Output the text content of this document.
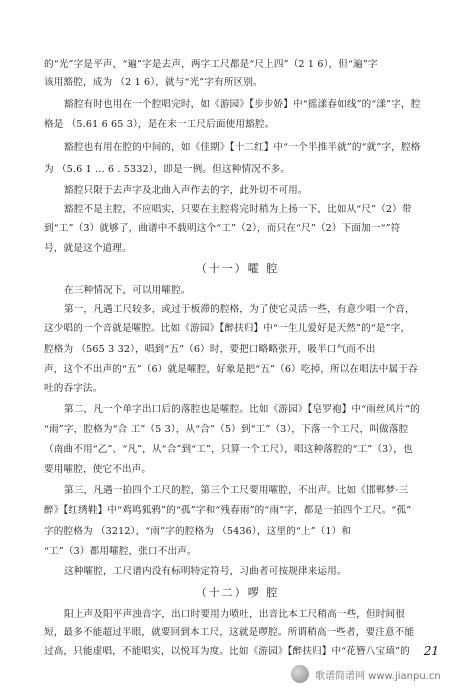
的“光”字是平声，“遍”字是去声，两字工尺都是“尺上四”（2 1 6），但“遍”字
该用豁腔，成为 （2 1 6），就与“光”字有所区别。
豁腔有时也用在一个腔唱完时，如《游园》【步步娇】中“摇漾春如线”的“漾”字，腔
格是 （5.61 6 65 3），是在末一工尺后面使用豁腔。
豁腔也有用在腔的中间的，如《佳期》【十二红】中“一个半推半就”的“就”字，腔格
为 （5.6 1 ... 6 . 5332），即是一例。但这种情况不多。
豁腔只限于去声字及北曲入声作去的字，此外切不可用。
豁腔不是主腔，不应唱实，只要在主腔将完时稍为上扬一下，比如从“尺”（2）带
到“工”（3）就够了，曲谱中不载明这个“工”（2），而只在“尺”（2）下面加一“”符
号，就是这个道理。
（十一）嚯 腔
在三种情况下，可以用嚯腔。
第一，凡遇工尺较多，或过于板滞的腔格，为了使它灵活一些，有意少唱一个音，
这少唱的一个音就是嚯腔。比如《游园》【醉扶归】中“一生儿爱好是天然”的“是”字，
腔格为 （565 3 32），唱到“五”（6）时，要把口略略张开，吸半口气而不出
声，这个不出声的“五”（6）就是嚯腔，好象是把“五”（6）吃掉，所以在唱法中属于吞
吐的吞字法。
第二，凡一个单字出口后的落腔也是嚯腔。比如《游园》【皂罗袍】中“雨丝风片”的
“雨”字，腔格为“合 工”（5 3），从“合”（5）到“工”（3），下落一个工尺，叫做落腔
（南曲不用“乙”、“凡”，从“合”到“工”，只算一个工尺），唱这种落腔的“工”（3），也
要用嚯腔，使它不出声。
第三，凡遇一拍四个工尺的腔，第三个工尺要用嚯腔，不出声。比如《邯郸梦·三
醉》【红绣鞋】中“鸡鸣狐鸦”的“孤”字和“残春雨”的“雨”字，都是一拍四个工尺。“孤”
字的腔格为 （3212），“雨”字的腔格为 （5436），这里的“上”（1）和
“工”（3）都用嚯腔，张口不出声。
这种嚯腔，工尺谱内没有标明特定符号，习曲者可按规律来运用。
（十二）啰 腔
阳上声及阳平声浊音字，出口时要用力喷吐，出音比本工尺稍高一些，但时间很
短，最多不能超过半眼，就要回到本工尺，这就是啰腔。所谓稍高一些者，要注意不能
过高，只能虚唱，不能唱实，以悦耳为度。比如《游园》【醉扶归】中“花簪八宝瑱”的	21
歌谱简谱网 www.jianpu.cn
